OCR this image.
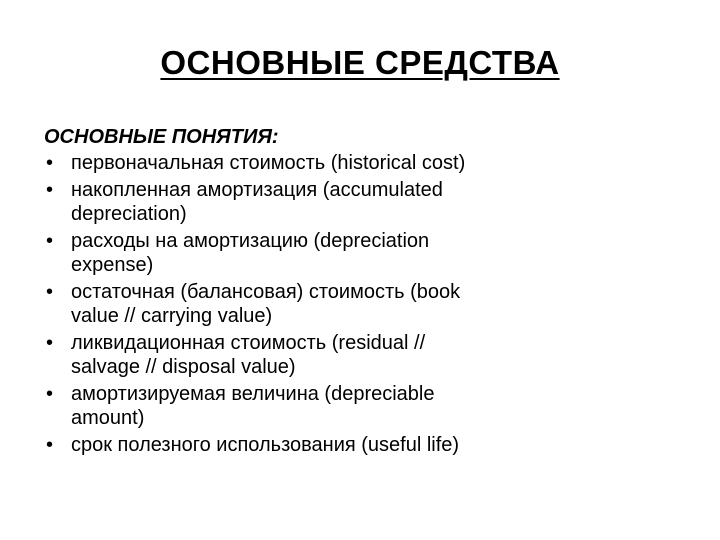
ОСНОВНЫЕ СРЕДСТВА
ОСНОВНЫЕ ПОНЯТИЯ:
• первоначальная стоимость (historical cost)
• накопленная амортизация (accumulated
depreciation)
• расходы на амортизацию (depreciation
expense)
• остаточная (балансовая) стоимость (book
value // carrying value)
• ликвидационная стоимость (residual //
salvage // disposal value)
• амортизируемая величина (depreciable
amount)
• срок полезного использования (useful life)
